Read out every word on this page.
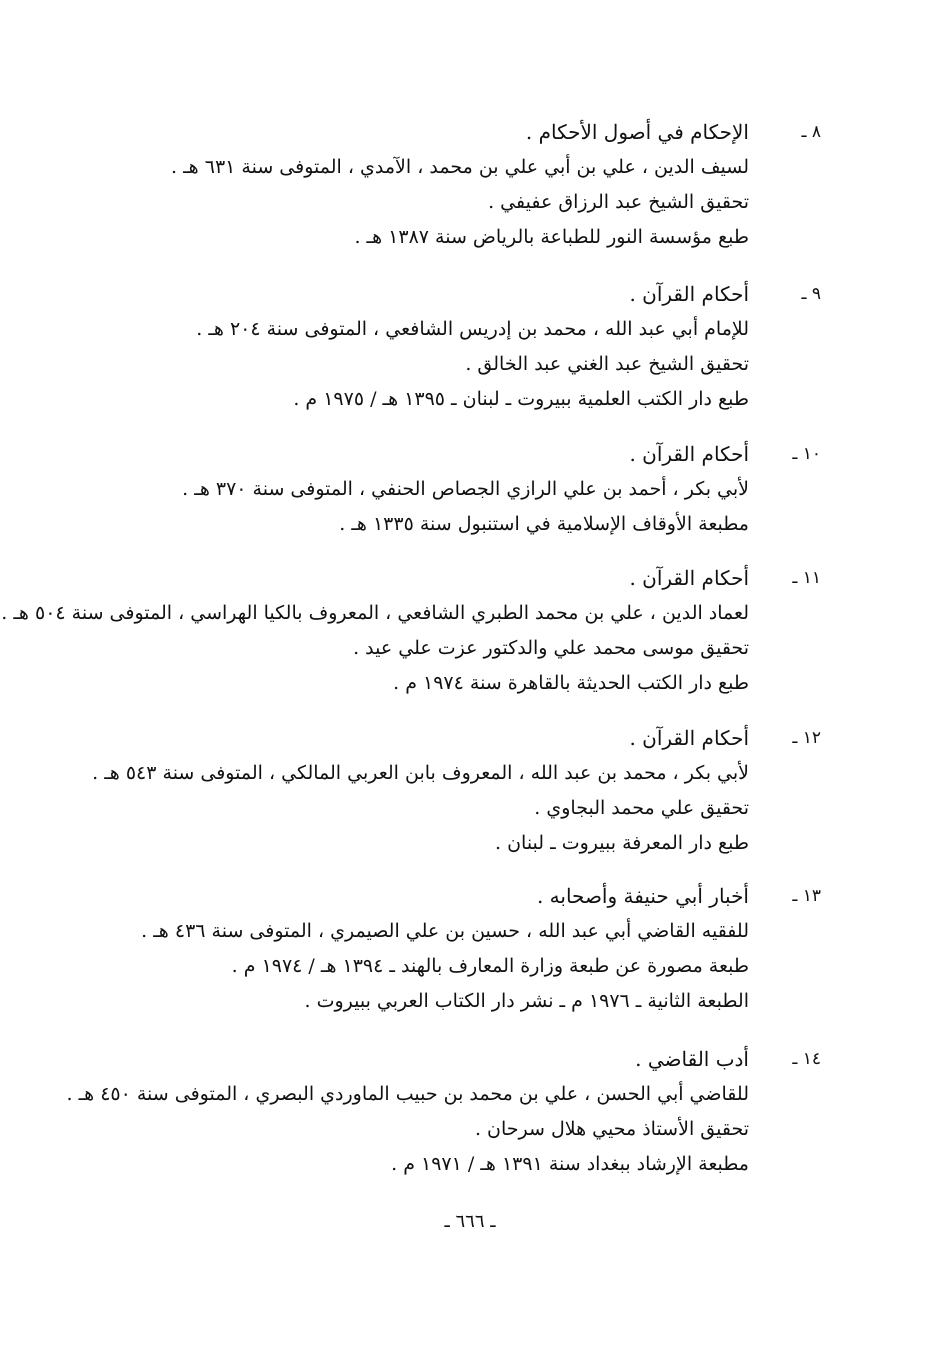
٨ ـ
الإحكام في أصول الأحكام .
لسيف الدين ، علي بن أبي علي بن محمد ، الآمدي ، المتوفى سنة ٦٣١ هـ .
تحقيق الشيخ عبد الرزاق عفيفي .
طبع مؤسسة النور للطباعة بالرياض سنة ١٣٨٧ هـ .
٩ ـ
أحكام القرآن .
للإمام أبي عبد الله ، محمد بن إدريس الشافعي ، المتوفى سنة ٢٠٤ هـ .
تحقيق الشيخ عبد الغني عبد الخالق .
طبع دار الكتب العلمية ببيروت ـ لبنان ـ ١٣٩٥ هـ / ١٩٧٥ م .
١٠ ـ
أحكام القرآن .
لأبي بكر ، أحمد بن علي الرازي الجصاص الحنفي ، المتوفى سنة ٣٧٠ هـ .
مطبعة الأوقاف الإسلامية في استنبول سنة ١٣٣٥ هـ .
١١ ـ
أحكام القرآن .
لعماد الدين ، علي بن محمد الطبري الشافعي ، المعروف بالكيا الهراسي ، المتوفى سنة ٥٠٤ هـ .
تحقيق موسى محمد علي والدكتور عزت علي عيد .
طبع دار الكتب الحديثة بالقاهرة سنة ١٩٧٤ م .
١٢ ـ
أحكام القرآن .
لأبي بكر ، محمد بن عبد الله ، المعروف بابن العربي المالكي ، المتوفى سنة ٥٤٣ هـ .
تحقيق علي محمد البجاوي .
طبع دار المعرفة ببيروت ـ لبنان .
١٣ ـ
أخبار أبي حنيفة وأصحابه .
للفقيه القاضي أبي عبد الله ، حسين بن علي الصيمري ، المتوفى سنة ٤٣٦ هـ .
طبعة مصورة عن طبعة وزارة المعارف بالهند ـ ١٣٩٤ هـ / ١٩٧٤ م .
الطبعة الثانية ـ ١٩٧٦ م ـ نشر دار الكتاب العربي ببيروت .
١٤ ـ
أدب القاضي .
للقاضي أبي الحسن ، علي بن محمد بن حبيب الماوردي البصري ، المتوفى سنة ٤٥٠ هـ .
تحقيق الأستاذ محيي هلال سرحان .
مطبعة الإرشاد ببغداد سنة ١٣٩١ هـ / ١٩٧١ م .
ـ ٦٦٦ ـ
